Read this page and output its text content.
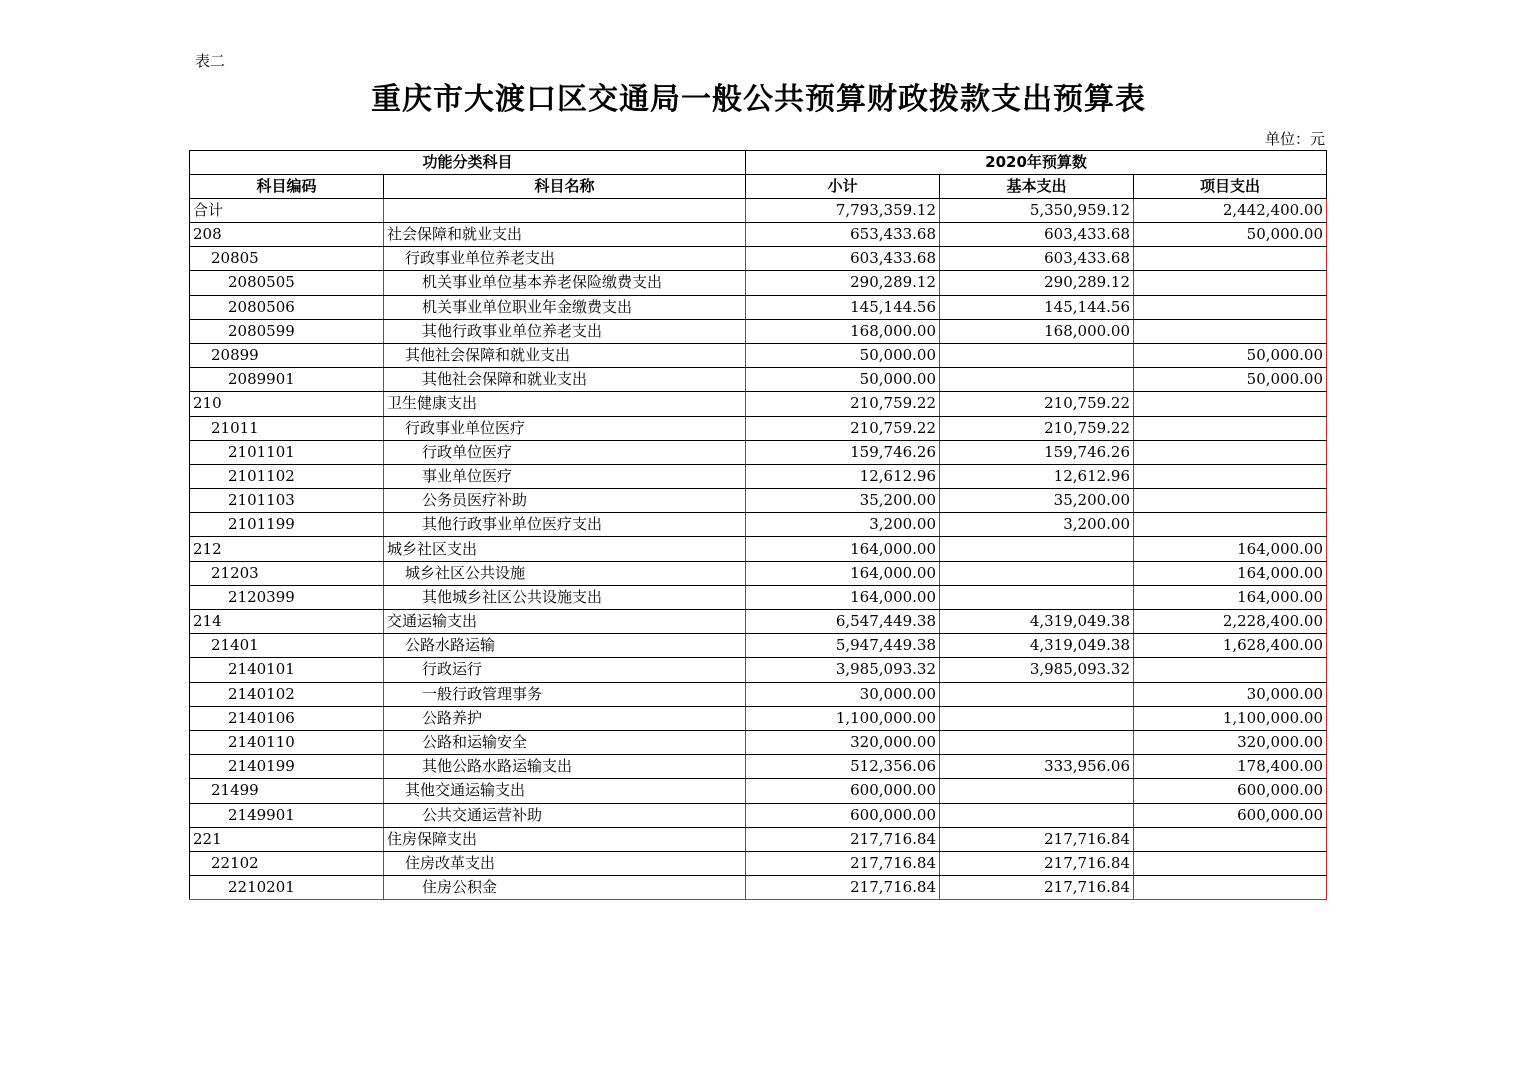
表二
重庆市大渡口区交通局一般公共预算财政拨款支出预算表
单位：元
功能分类科目		2020年预算数		
科目编码	科目名称	小计	基本支出	项目支出
合计		7,793,359.12	5,350,959.12	2,442,400.00
208	社会保障和就业支出	653,433.68	603,433.68	50,000.00
20805	行政事业单位养老支出	603,433.68	603,433.68	
2080505	机关事业单位基本养老保险缴费支出	290,289.12	290,289.12	
2080506	机关事业单位职业年金缴费支出	145,144.56	145,144.56	
2080599	其他行政事业单位养老支出	168,000.00	168,000.00	
20899	其他社会保障和就业支出	50,000.00		50,000.00
2089901	其他社会保障和就业支出	50,000.00		50,000.00
210	卫生健康支出	210,759.22	210,759.22	
21011	行政事业单位医疗	210,759.22	210,759.22	
2101101	行政单位医疗	159,746.26	159,746.26	
2101102	事业单位医疗	12,612.96	12,612.96	
2101103	公务员医疗补助	35,200.00	35,200.00	
2101199	其他行政事业单位医疗支出	3,200.00	3,200.00	
212	城乡社区支出	164,000.00		164,000.00
21203	城乡社区公共设施	164,000.00		164,000.00
2120399	其他城乡社区公共设施支出	164,000.00		164,000.00
214	交通运输支出	6,547,449.38	4,319,049.38	2,228,400.00
21401	公路水路运输	5,947,449.38	4,319,049.38	1,628,400.00
2140101	行政运行	3,985,093.32	3,985,093.32	
2140102	一般行政管理事务	30,000.00		30,000.00
2140106	公路养护	1,100,000.00		1,100,000.00
2140110	公路和运输安全	320,000.00		320,000.00
2140199	其他公路水路运输支出	512,356.06	333,956.06	178,400.00
21499	其他交通运输支出	600,000.00		600,000.00
2149901	公共交通运营补助	600,000.00		600,000.00
221	住房保障支出	217,716.84	217,716.84	
22102	住房改革支出	217,716.84	217,716.84	
2210201	住房公积金	217,716.84	217,716.84	
